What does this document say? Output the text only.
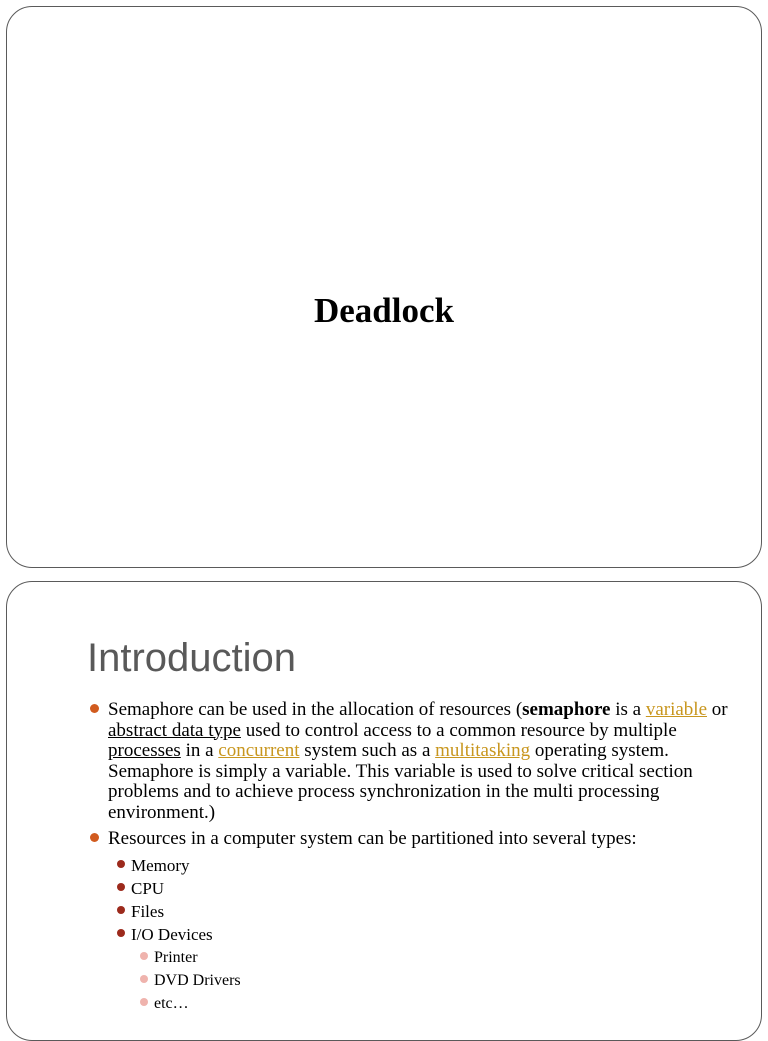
Deadlock
Introduction
Semaphore can be used in the allocation of resources (semaphore is a variable or abstract data type used to control access to a common resource by multiple processes in a concurrent system such as a multitasking operating system. Semaphore is simply a variable. This variable is used to solve critical section problems and to achieve process synchronization in the multi processing environment.)
Resources in a computer system can be partitioned into several types:
Memory
CPU
Files
I/O Devices
Printer
DVD Drivers
etc…
